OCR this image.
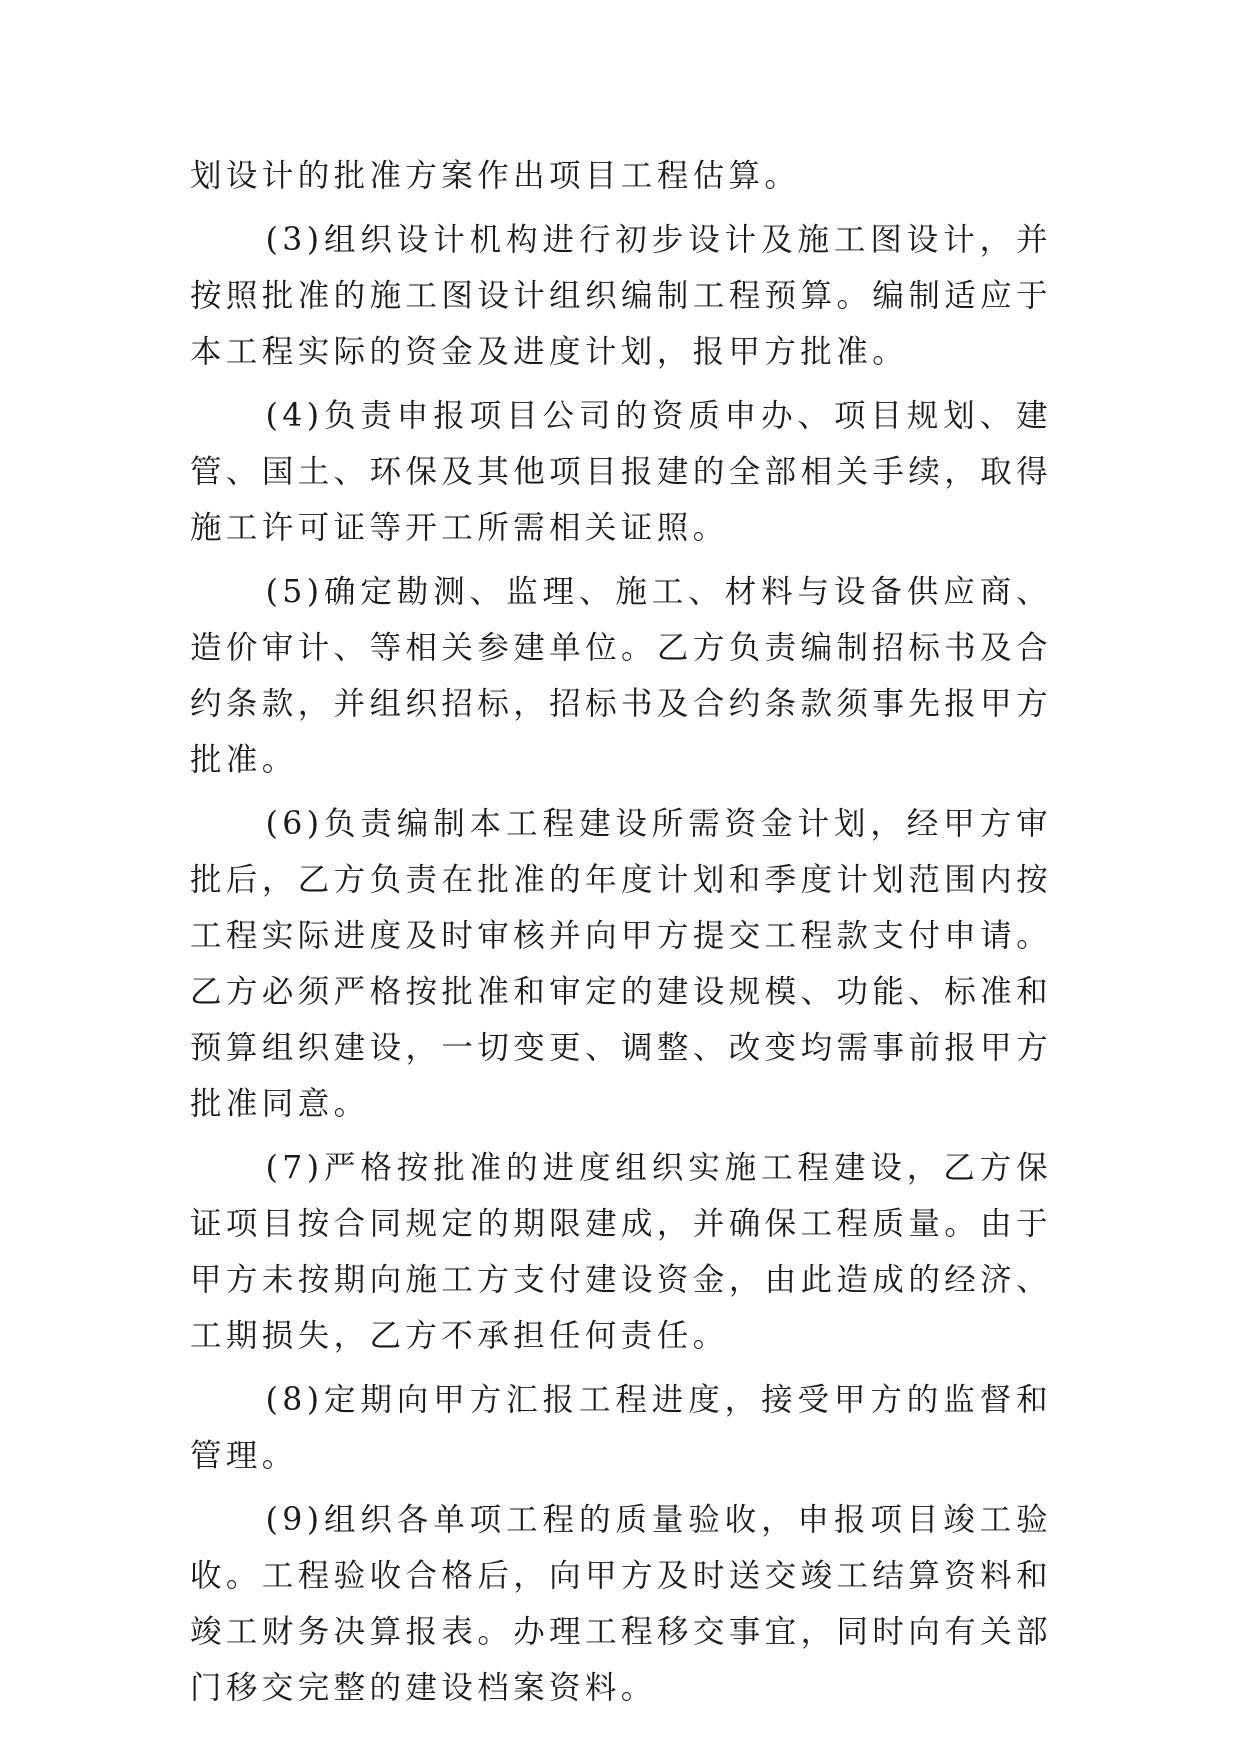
划设计的批准方案作出项目工程估算。

(3)组织设计机构进行初步设计及施工图设计，并按照批准的施工图设计组织编制工程预算。编制适应于本工程实际的资金及进度计划，报甲方批准。

(4)负责申报项目公司的资质申办、项目规划、建管、国土、环保及其他项目报建的全部相关手续，取得施工许可证等开工所需相关证照。

(5)确定勘测、监理、施工、材料与设备供应商、造价审计、等相关参建单位。乙方负责编制招标书及合约条款，并组织招标，招标书及合约条款须事先报甲方批准。

(6)负责编制本工程建设所需资金计划，经甲方审批后，乙方负责在批准的年度计划和季度计划范围内按工程实际进度及时审核并向甲方提交工程款支付申请。乙方必须严格按批准和审定的建设规模、功能、标准和预算组织建设，一切变更、调整、改变均需事前报甲方批准同意。

(7)严格按批准的进度组织实施工程建设，乙方保证项目按合同规定的期限建成，并确保工程质量。由于甲方未按期向施工方支付建设资金，由此造成的经济、工期损失，乙方不承担任何责任。

(8)定期向甲方汇报工程进度，接受甲方的监督和管理。

(9)组织各单项工程的质量验收，申报项目竣工验收。工程验收合格后，向甲方及时送交竣工结算资料和竣工财务决算报表。办理工程移交事宜，同时向有关部门移交完整的建设档案资料。
